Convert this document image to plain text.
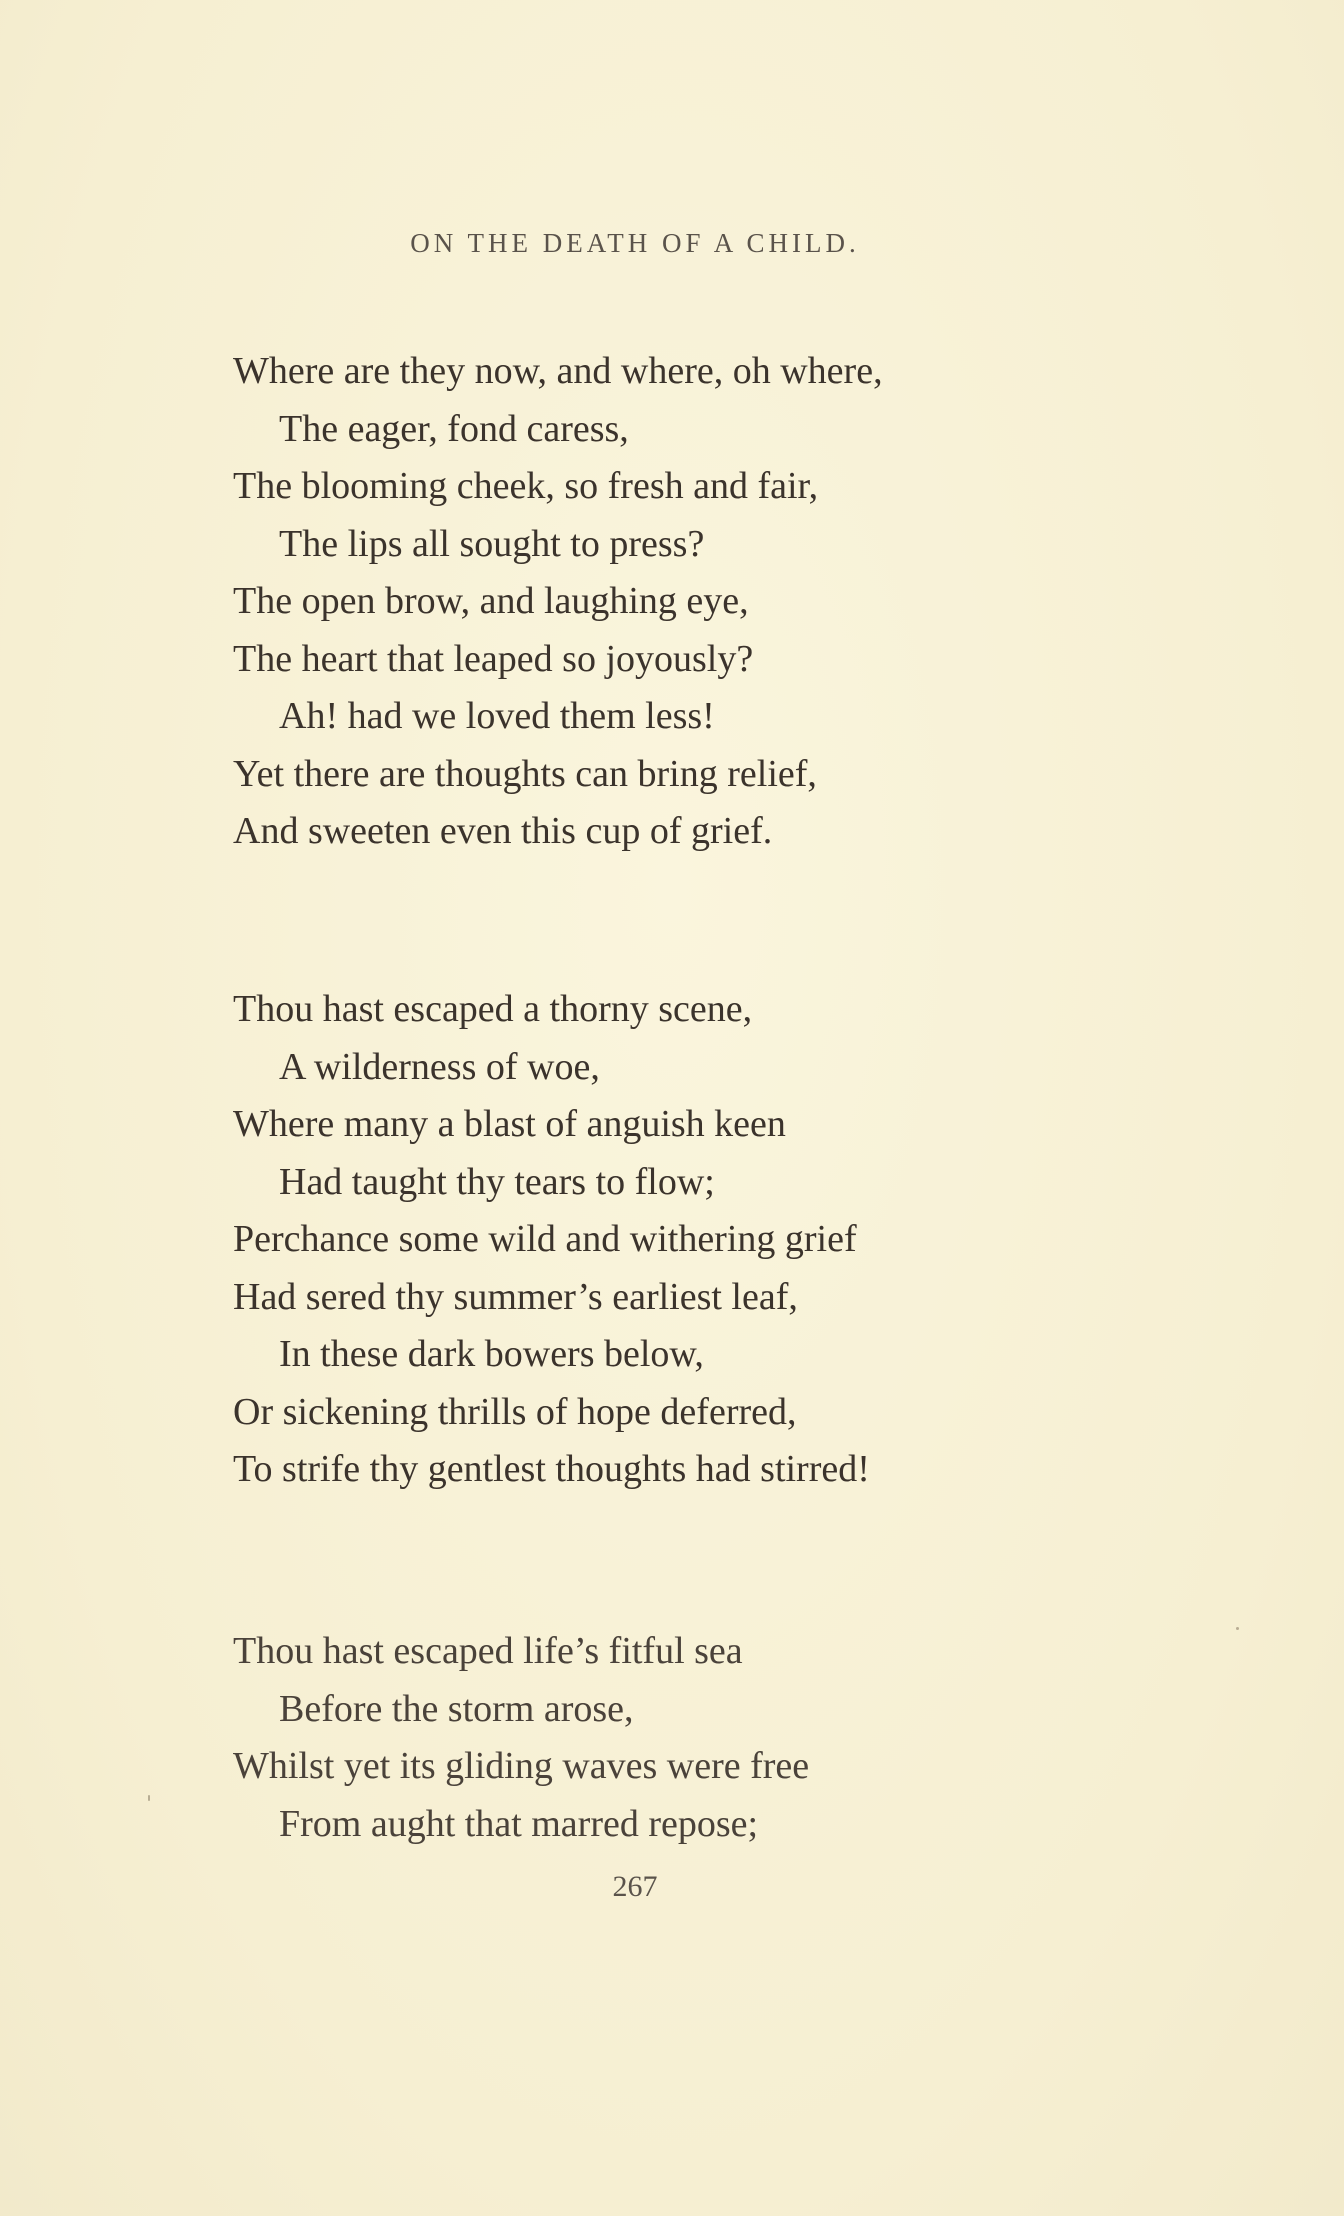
ON THE DEATH OF A CHILD.
Where are they now, and where, oh where,
The eager, fond caress,
The blooming cheek, so fresh and fair,
The lips all sought to press?
The open brow, and laughing eye,
The heart that leaped so joyously?
Ah! had we loved them less!
Yet there are thoughts can bring relief,
And sweeten even this cup of grief.
Thou hast escaped a thorny scene,
A wilderness of woe,
Where many a blast of anguish keen
Had taught thy tears to flow;
Perchance some wild and withering grief
Had sered thy summer’s earliest leaf,
In these dark bowers below,
Or sickening thrills of hope deferred,
To strife thy gentlest thoughts had stirred!
Thou hast escaped life’s fitful sea
Before the storm arose,
Whilst yet its gliding waves were free
From aught that marred repose;
267
